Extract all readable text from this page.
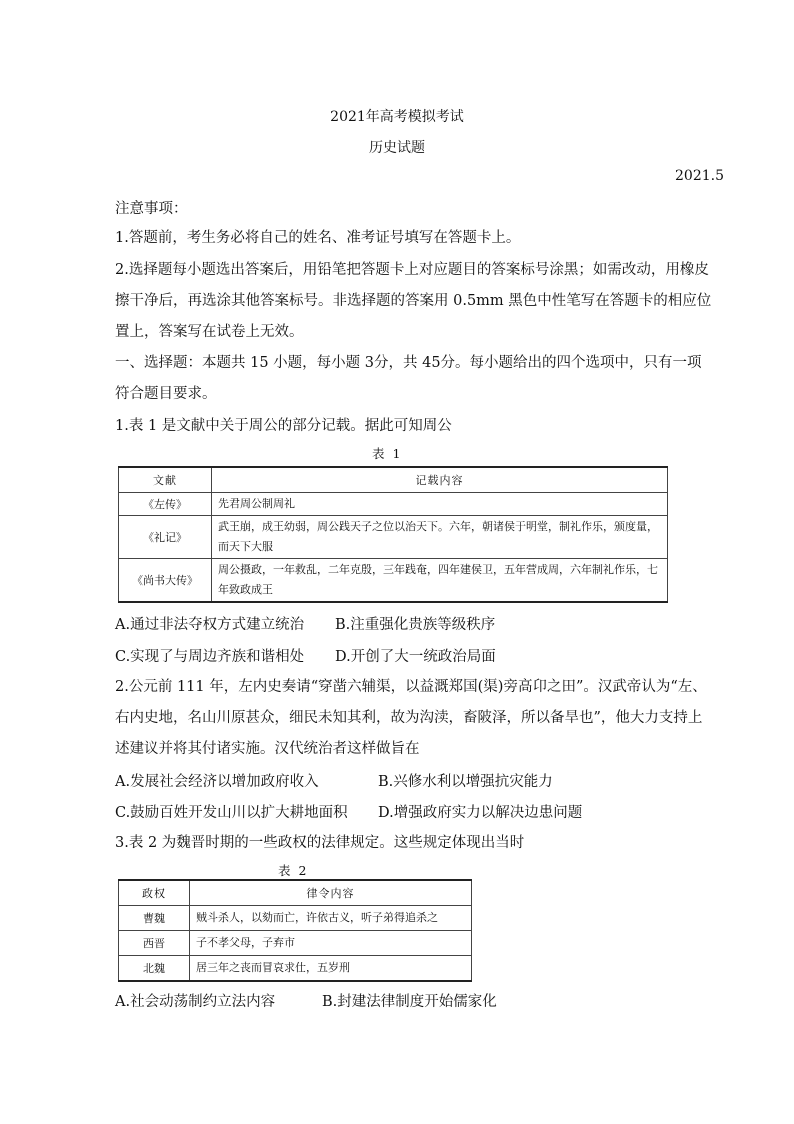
2021年高考模拟考试
历史试题
2021.5
注意事项：
1.答题前，考生务必将自己的姓名、准考证号填写在答题卡上。
2.选择题每小题选出答案后，用铅笔把答题卡上对应题目的答案标号涂黑；如需改动，用橡皮
擦干净后，再选涂其他答案标号。非选择题的答案用 0.5mm 黑色中性笔写在答题卡的相应位
置上，答案写在试卷上无效。
一、选择题：本题共 15 小题，每小题 3分，共 45分。每小题给出的四个选项中，只有一项
符合题目要求。
1.表 1 是文献中关于周公的部分记载。据此可知周公
表 1
文献	记载内容
《左传》	先君周公制周礼
《礼记》	武王崩，成王幼弱，周公践天子之位以治天下。六年，朝诸侯于明堂，制礼作乐，颁度量，而天下大服
《尚书大传》	周公摄政，一年救乱，二年克殷，三年践奄，四年建侯卫，五年营成周，六年制礼作乐，七年致政成王
A.通过非法夺权方式建立统治 B.注重强化贵族等级秩序
C.实现了与周边齐族和谐相处 D.开创了大一统政治局面
2.公元前 111 年，左内史奏请“穿凿六辅渠，以益溉郑国(渠)旁高卬之田”。汉武帝认为“左、
右内史地，名山川原甚众，细民未知其利，故为沟渎，畜陂泽，所以备旱也”，他大力支持上
述建议并将其付诸实施。汉代统治者这样做旨在
A.发展社会经济以增加政府收入	B.兴修水利以增强抗灾能力
C.鼓励百姓开发山川以扩大耕地面积 D.增强政府实力以解决边患问题
3.表 2 为魏晋时期的一些政权的法律规定。这些规定体现出当时
表 2
政权	律令内容
曹魏	贼斗杀人，以劾而亡，许依古义，听子弟得追杀之
西晋	子不孝父母，子弃市
北魏	居三年之丧而冒哀求仕，五岁刑
A.社会动荡制约立法内容	B.封建法律制度开始儒家化
